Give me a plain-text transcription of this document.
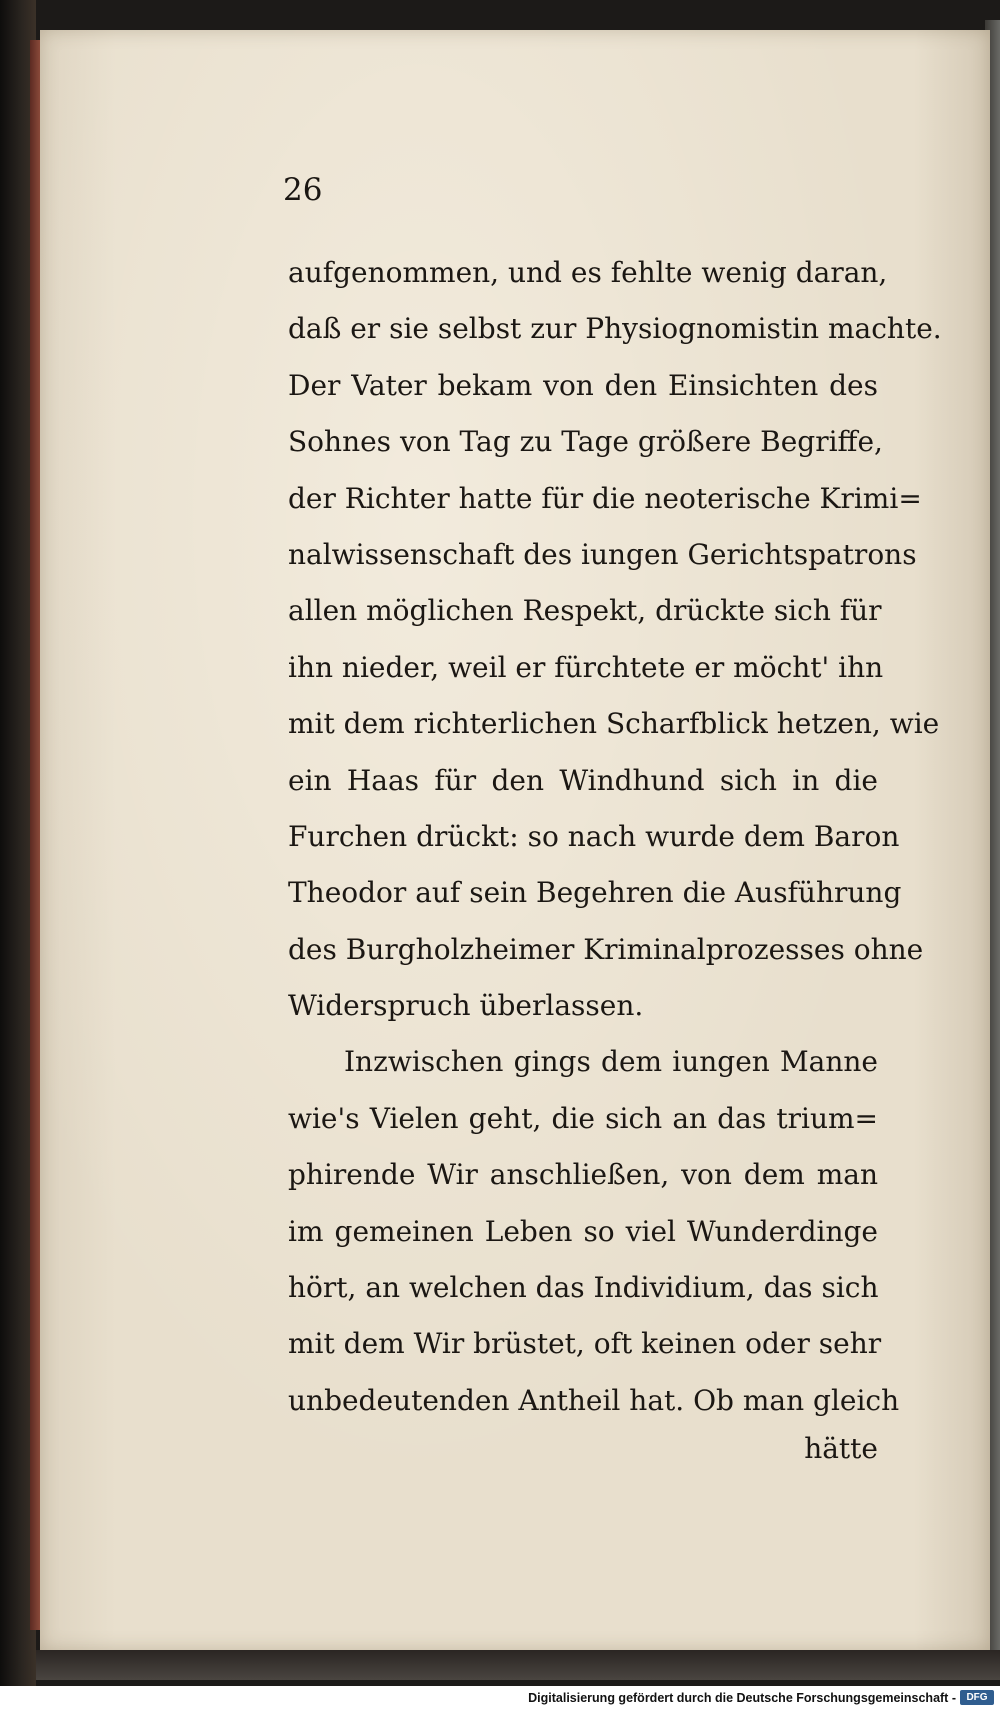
26

aufgenommen, und es fehlte wenig daran,
daß er sie selbst zur Physiognomistin machte.
Der Vater bekam von den Einsichten des
Sohnes von Tag zu Tage größere Begriffe,
der Richter hatte für die neoterische Krimi=
nalwissenschaft des iungen Gerichtspatrons
allen möglichen Respekt, drückte sich für
ihn nieder, weil er fürchtete er möcht' ihn
mit dem richterlichen Scharfblick hetzen, wie
ein Haas für den Windhund sich in die
Furchen drückt: so nach wurde dem Baron
Theodor auf sein Begehren die Ausführung
des Burgholzheimer Kriminalprozesses ohne
Widerspruch überlassen.
Inzwischen gings dem iungen Manne
wie's Vielen geht, die sich an das trium=
phirende Wir anschließen, von dem man
im gemeinen Leben so viel Wunderdinge
hört, an welchen das Individium, das sich
mit dem Wir brüstet, oft keinen oder sehr
unbedeutenden Antheil hat. Ob man gleich
hätte

Digitalisierung gefördert durch die Deutsche Forschungsgemeinschaft -	DFG
